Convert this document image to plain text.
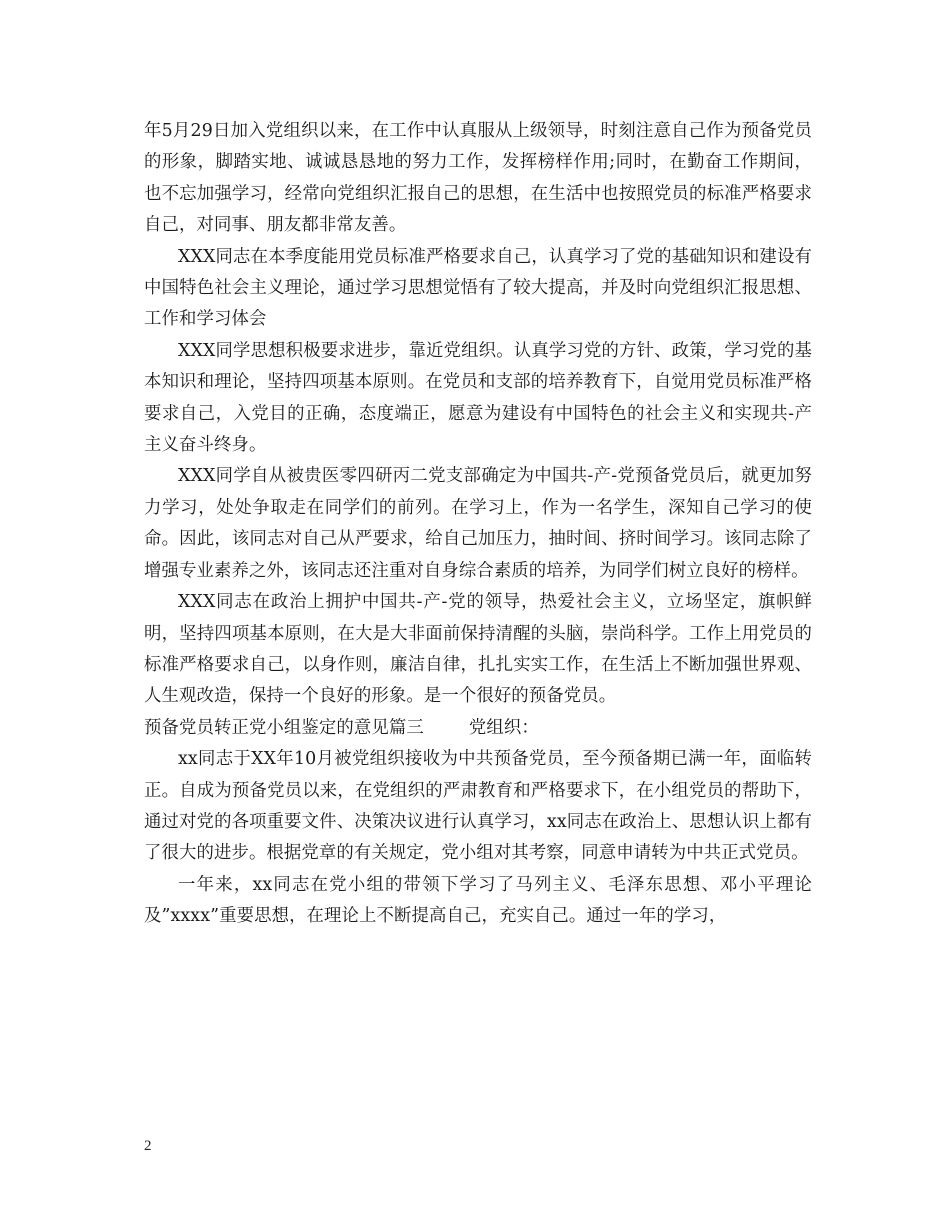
年5月29日加入党组织以来，在工作中认真服从上级领导，时刻注意自己作为预备党员的形象，脚踏实地、诚诚恳恳地的努力工作，发挥榜样作用;同时，在勤奋工作期间，也不忘加强学习，经常向党组织汇报自己的思想，在生活中也按照党员的标准严格要求自己，对同事、朋友都非常友善。

XXX同志在本季度能用党员标准严格要求自己，认真学习了党的基础知识和建设有中国特色社会主义理论，通过学习思想觉悟有了较大提高，并及时向党组织汇报思想、工作和学习体会

XXX同学思想积极要求进步，靠近党组织。认真学习党的方针、政策，学习党的基本知识和理论，坚持四项基本原则。在党员和支部的培养教育下，自觉用党员标准严格要求自己，入党目的正确，态度端正，愿意为建设有中国特色的社会主义和实现共-产主义奋斗终身。

XXX同学自从被贵医零四研丙二党支部确定为中国共-产-党预备党员后，就更加努力学习，处处争取走在同学们的前列。在学习上，作为一名学生，深知自己学习的使命。因此，该同志对自己从严要求，给自己加压力，抽时间、挤时间学习。该同志除了增强专业素养之外，该同志还注重对自身综合素质的培养，为同学们树立良好的榜样。

XXX同志在政治上拥护中国共-产-党的领导，热爱社会主义，立场坚定，旗帜鲜明，坚持四项基本原则，在大是大非面前保持清醒的头脑，崇尚科学。工作上用党员的标准严格要求自己，以身作则，廉洁自律，扎扎实实工作，在生活上不断加强世界观、人生观改造，保持一个良好的形象。是一个很好的预备党员。

预备党员转正党小组鉴定的意见篇三	党组织：

xx同志于XX年10月被党组织接收为中共预备党员，至今预备期已满一年，面临转正。自成为预备党员以来，在党组织的严肃教育和严格要求下，在小组党员的帮助下，通过对党的各项重要文件、决策决议进行认真学习，xx同志在政治上、思想认识上都有了很大的进步。根据党章的有关规定，党小组对其考察，同意申请转为中共正式党员。

一年来，xx同志在党小组的带领下学习了马列主义、毛泽东思想、邓小平理论及”xxxx”重要思想，在理论上不断提高自己，充实自己。通过一年的学习，

2
